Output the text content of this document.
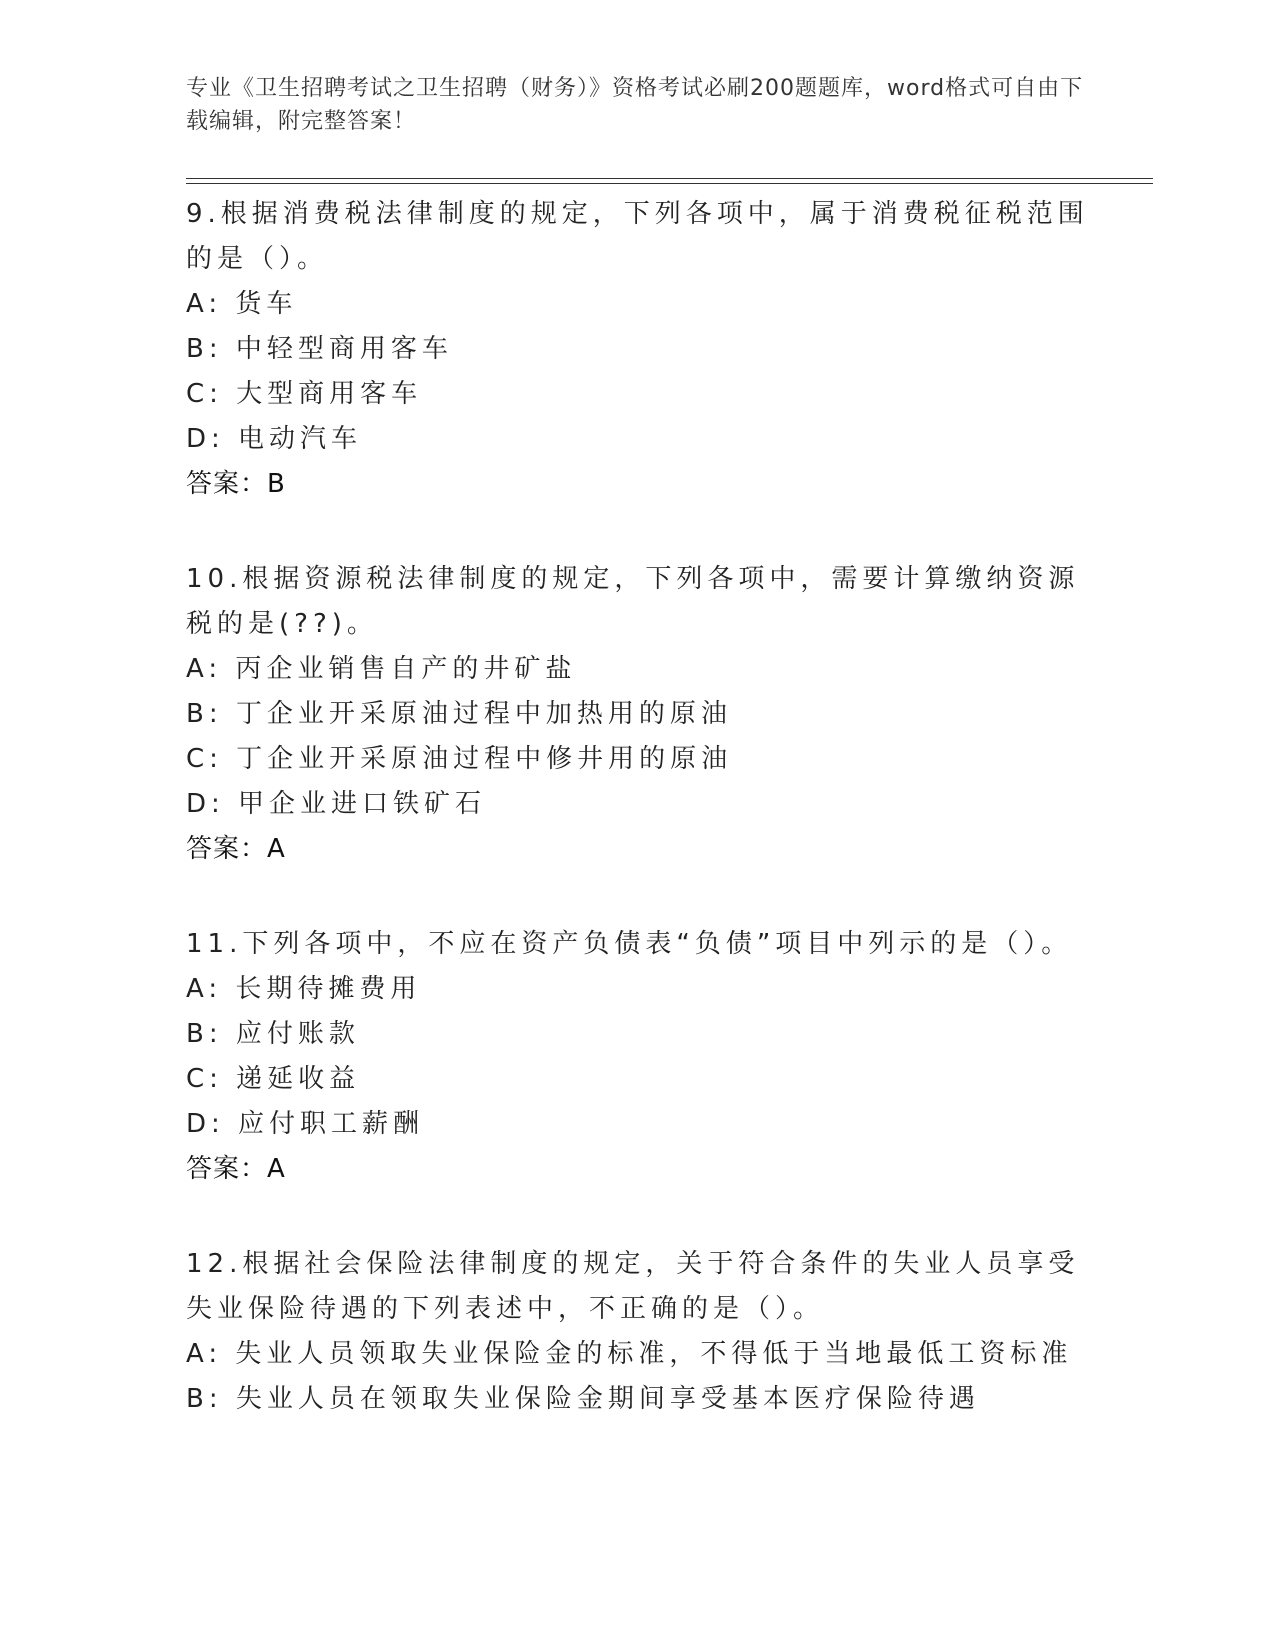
专业《卫生招聘考试之卫生招聘（财务）》资格考试必刷200题题库，word格式可自由下载编辑，附完整答案！
9.根据消费税法律制度的规定，下列各项中，属于消费税征税范围的是（）。
A: 货车
B: 中轻型商用客车
C: 大型商用客车
D: 电动汽车
答案：B
10.根据资源税法律制度的规定，下列各项中，需要计算缴纳资源税的是(??)。
A: 丙企业销售自产的井矿盐
B: 丁企业开采原油过程中加热用的原油
C: 丁企业开采原油过程中修井用的原油
D: 甲企业进口铁矿石
答案：A
11.下列各项中，不应在资产负债表“负债”项目中列示的是（）。
A: 长期待摊费用
B: 应付账款
C: 递延收益
D: 应付职工薪酬
答案：A
12.根据社会保险法律制度的规定，关于符合条件的失业人员享受失业保险待遇的下列表述中，不正确的是（）。
A: 失业人员领取失业保险金的标准，不得低于当地最低工资标准
B: 失业人员在领取失业保险金期间享受基本医疗保险待遇
